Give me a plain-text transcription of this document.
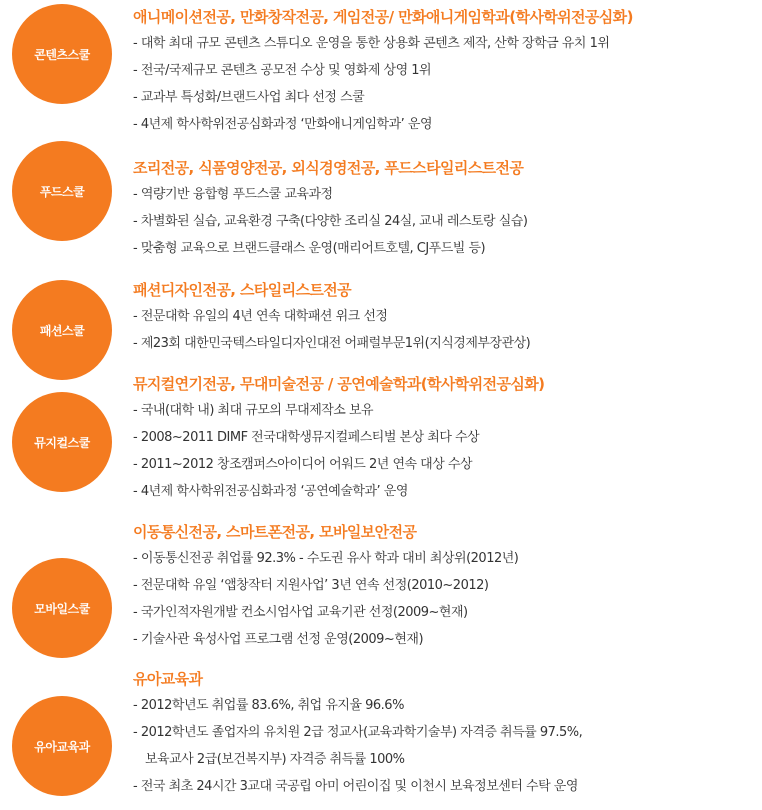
콘텐츠스쿨
애니메이션전공, 만화창작전공, 게임전공/ 만화애니게임학과(학사학위전공심화)
- 대학 최대 규모 콘텐츠 스튜디오 운영을 통한 상용화 콘텐츠 제작, 산학 장학금 유치 1위
- 전국/국제규모 콘텐츠 공모전 수상 및 영화제 상영 1위
- 교과부 특성화/브랜드사업 최다 선정 스쿨
- 4년제 학사학위전공심화과정 ‘만화애니게임학과’ 운영
푸드스쿨
조리전공, 식품영양전공, 외식경영전공, 푸드스타일리스트전공
- 역량기반 융합형 푸드스쿨 교육과정
- 차별화된 실습, 교육환경 구축(다양한 조리실 24실, 교내 레스토랑 실습)
- 맞춤형 교육으로 브랜드클래스 운영(매리어트호텔, CJ푸드빌 등)
패션스쿨
패션디자인전공, 스타일리스트전공
- 전문대학 유일의 4년 연속 대학패션 위크 선정
- 제23회 대한민국텍스타일디자인대전 어패럴부문1위(지식경제부장관상)
뮤지컬스쿨
뮤지컬연기전공, 무대미술전공 / 공연예술학과(학사학위전공심화)
- 국내(대학 내) 최대 규모의 무대제작소 보유
- 2008~2011 DIMF 전국대학생뮤지컬페스티벌 본상 최다 수상
- 2011~2012 창조캠퍼스아이디어 어워드 2년 연속 대상 수상
- 4년제 학사학위전공심화과정 ‘공연예술학과’ 운영
모바일스쿨
이동통신전공, 스마트폰전공, 모바일보안전공
- 이동통신전공 취업률 92.3% - 수도권 유사 학과 대비 최상위(2012년)
- 전문대학 유일 ‘앱창작터 지원사업’ 3년 연속 선정(2010~2012)
- 국가인적자원개발 컨소시엄사업 교육기관 선정(2009~현재)
- 기술사관 육성사업 프로그램 선정 운영(2009~현재)
유아교육과
유아교육과
- 2012학년도 취업률 83.6%, 취업 유지율 96.6%
- 2012학년도 졸업자의 유치원 2급 정교사(교육과학기술부) 자격증 취득률 97.5%,
보육교사 2급(보건복지부) 자격증 취득률 100%
- 전국 최초 24시간 3교대 국공립 아미 어린이집 및 이천시 보육정보센터 수탁 운영
